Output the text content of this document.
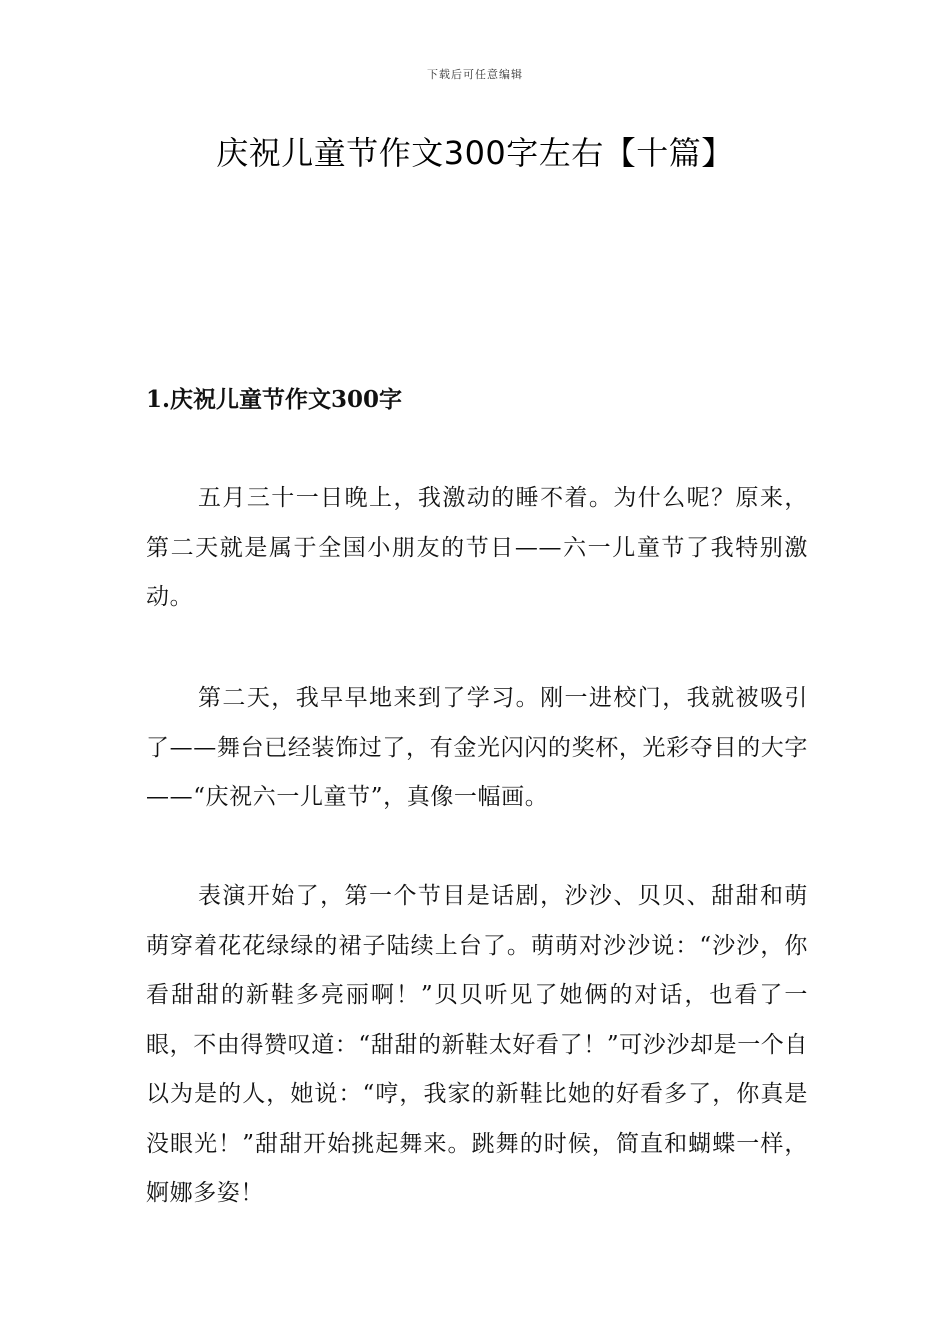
下载后可任意编辑
庆祝儿童节作文300字左右【十篇】
1.庆祝儿童节作文300字

五月三十一日晚上，我激动的睡不着。为什么呢？原来，第二天就是属于全国小朋友的节日——六一儿童节了我特别激动。

第二天，我早早地来到了学习。刚一进校门，我就被吸引了——舞台已经装饰过了，有金光闪闪的奖杯，光彩夺目的大字——“庆祝六一儿童节”，真像一幅画。

表演开始了，第一个节目是话剧，沙沙、贝贝、甜甜和萌萌穿着花花绿绿的裙子陆续上台了。萌萌对沙沙说：“沙沙，你看甜甜的新鞋多亮丽啊！”贝贝听见了她俩的对话，也看了一眼，不由得赞叹道：“甜甜的新鞋太好看了！”可沙沙却是一个自以为是的人，她说：“哼，我家的新鞋比她的好看多了，你真是没眼光！”甜甜开始挑起舞来。跳舞的时候，简直和蝴蝶一样，婀娜多姿！
